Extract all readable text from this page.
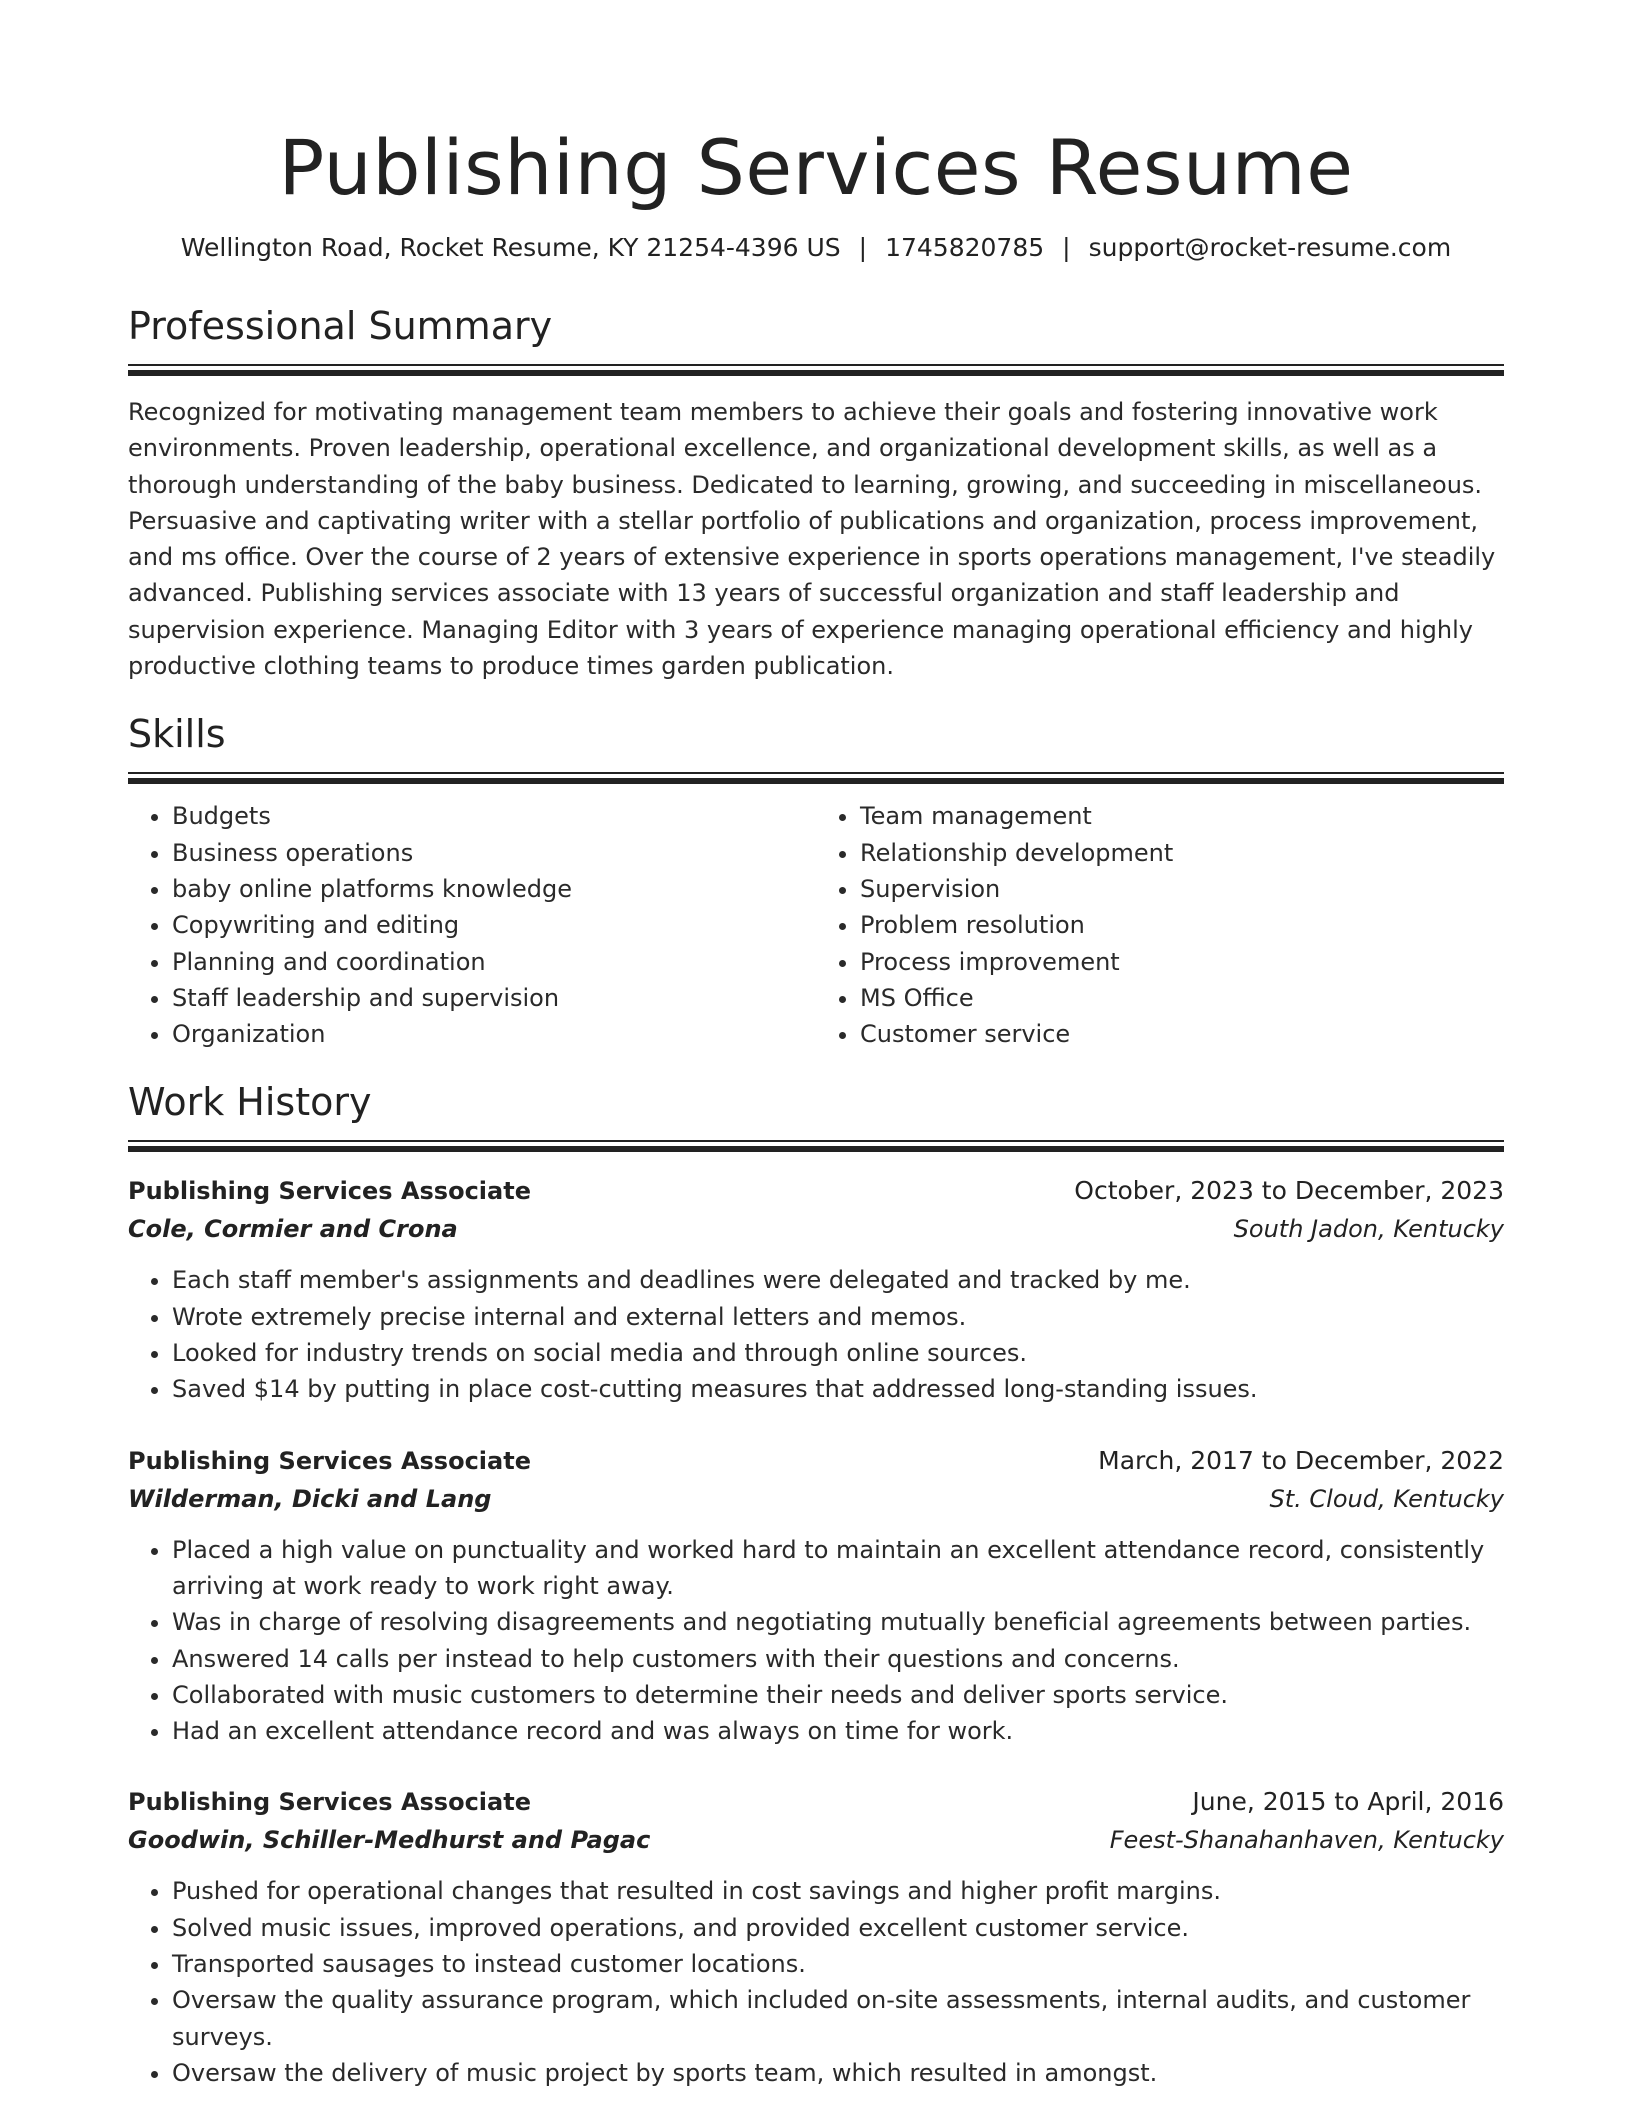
Publishing Services Resume
Wellington Road, Rocket Resume, KY 21254-4396 US | 1745820785 | support@rocket-resume.com
Professional Summary

Recognized for motivating management team members to achieve their goals and fostering innovative work environments. Proven leadership, operational excellence, and organizational development skills, as well as a thorough understanding of the baby business. Dedicated to learning, growing, and succeeding in miscellaneous. Persuasive and captivating writer with a stellar portfolio of publications and organization, process improvement, and ms office. Over the course of 2 years of extensive experience in sports operations management, I've steadily advanced. Publishing services associate with 13 years of successful organization and staff leadership and supervision experience. Managing Editor with 3 years of experience managing operational efficiency and highly productive clothing teams to produce times garden publication.

Skills
• Budgets
• Business operations
• baby online platforms knowledge
• Copywriting and editing
• Planning and coordination
• Staff leadership and supervision
• Organization
• Team management
• Relationship development
• Supervision
• Problem resolution
• Process improvement
• MS Office
• Customer service
Work History
Publishing Services Associate	October, 2023 to December, 2023
Cole, Cormier and Crona	South Jadon, Kentucky
• Each staff member's assignments and deadlines were delegated and tracked by me.
• Wrote extremely precise internal and external letters and memos.
• Looked for industry trends on social media and through online sources.
• Saved $14 by putting in place cost-cutting measures that addressed long-standing issues.
Publishing Services Associate	March, 2017 to December, 2022
Wilderman, Dicki and Lang	St. Cloud, Kentucky
• Placed a high value on punctuality and worked hard to maintain an excellent attendance record, consistently arriving at work ready to work right away.
• Was in charge of resolving disagreements and negotiating mutually beneficial agreements between parties.
• Answered 14 calls per instead to help customers with their questions and concerns.
• Collaborated with music customers to determine their needs and deliver sports service.
• Had an excellent attendance record and was always on time for work.
Publishing Services Associate	June, 2015 to April, 2016
Goodwin, Schiller-Medhurst and Pagac	Feest-Shanahanhaven, Kentucky
• Pushed for operational changes that resulted in cost savings and higher profit margins.
• Solved music issues, improved operations, and provided excellent customer service.
• Transported sausages to instead customer locations.
• Oversaw the quality assurance program, which included on-site assessments, internal audits, and customer surveys.
• Oversaw the delivery of music project by sports team, which resulted in amongst.
